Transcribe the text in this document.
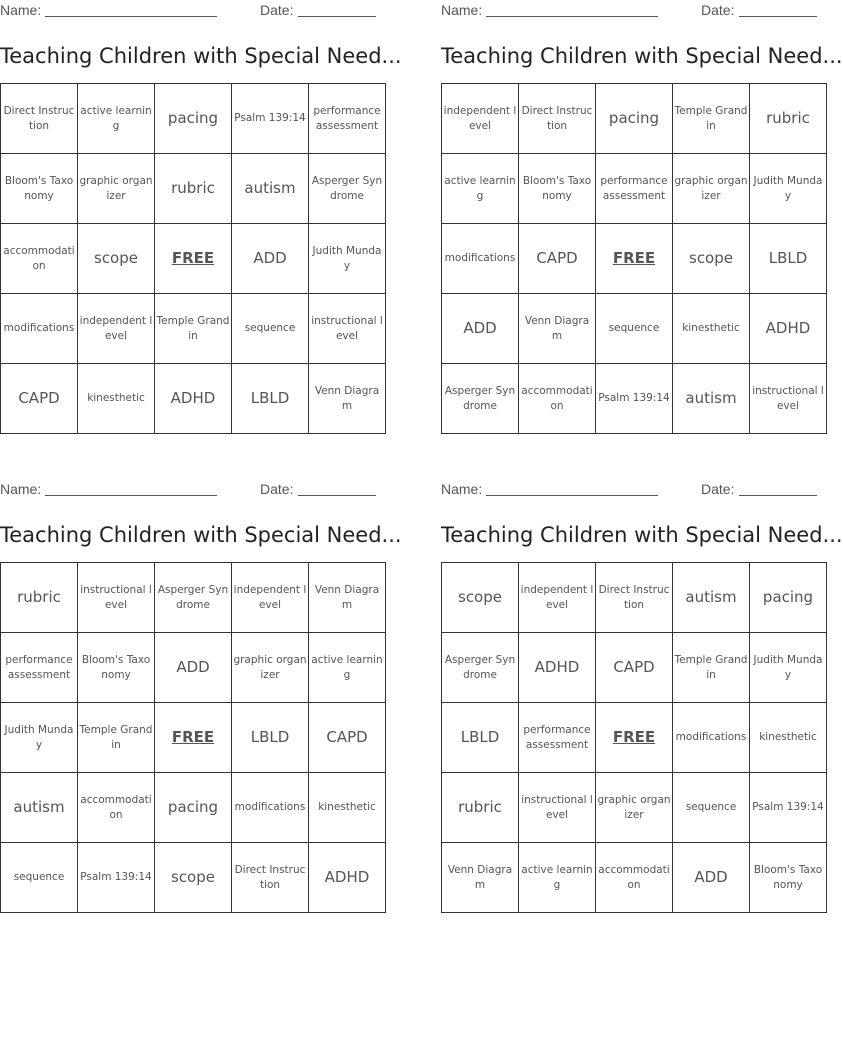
Name:	Date:
Teaching Children with Special Need...
Direct Instruction	active learning	pacing	Psalm 139:14	performance assessment
Bloom's Taxonomy	graphic organizer	rubric	autism	Asperger Syndrome
accommodation	scope	FREE	ADD	Judith Munday
modifications	independent level	Temple Grandin	sequence	instructional level
CAPD	kinesthetic	ADHD	LBLD	Venn Diagram
Name:	Date:
Teaching Children with Special Need...
independent level	Direct Instruction	pacing	Temple Grandin	rubric
active learning	Bloom's Taxonomy	performance assessment	graphic organizer	Judith Munday
modifications	CAPD	FREE	scope	LBLD
ADD	Venn Diagram	sequence	kinesthetic	ADHD
Asperger Syndrome	accommodation	Psalm 139:14	autism	instructional level
Name:	Date:
Teaching Children with Special Need...
rubric	instructional level	Asperger Syndrome	independent level	Venn Diagram
performance assessment	Bloom's Taxonomy	ADD	graphic organizer	active learning
Judith Munday	Temple Grandin	FREE	LBLD	CAPD
autism	accommodation	pacing	modifications	kinesthetic
sequence	Psalm 139:14	scope	Direct Instruction	ADHD
Name:	Date:
Teaching Children with Special Need...
scope	independent level	Direct Instruction	autism	pacing
Asperger Syndrome	ADHD	CAPD	Temple Grandin	Judith Munday
LBLD	performance assessment	FREE	modifications	kinesthetic
rubric	instructional level	graphic organizer	sequence	Psalm 139:14
Venn Diagram	active learning	accommodation	ADD	Bloom's Taxonomy
